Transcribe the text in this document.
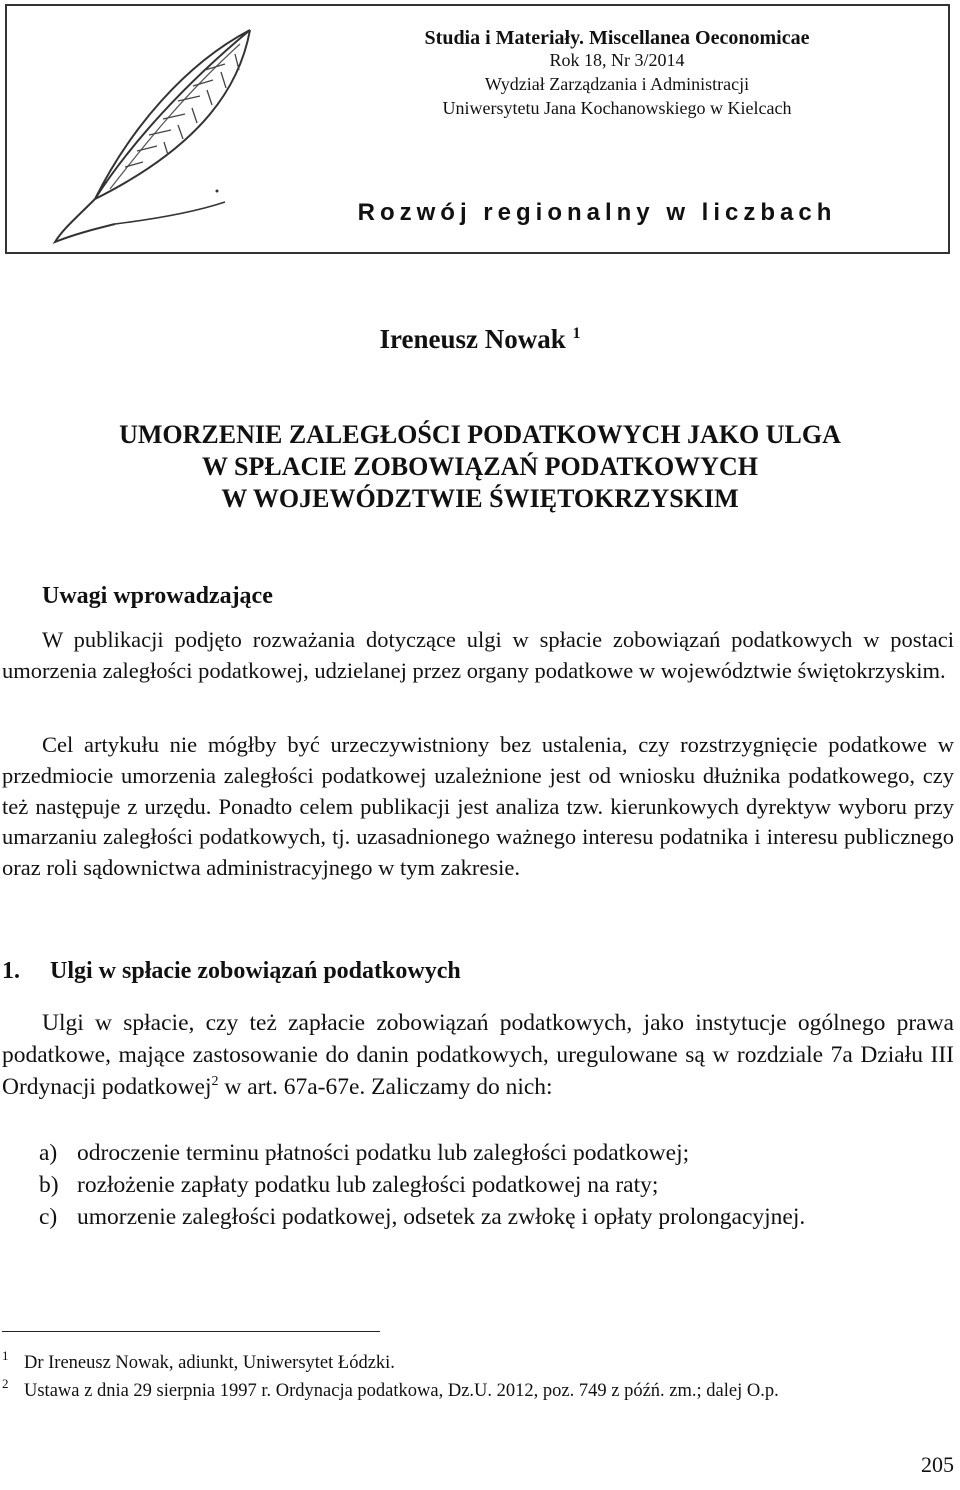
Studia i Materiały. Miscellanea Oeconomicae
Rok 18, Nr 3/2014
Wydział Zarządzania i Administracji
Uniwersytetu Jana Kochanowskiego w Kielcach
Rozwój regionalny w liczbach
Ireneusz Nowak $^1$
UMORZENIE ZALEGŁOŚCI PODATKOWYCH JAKO ULGA
W SPŁACIE ZOBOWIĄZAŃ PODATKOWYCH
W WOJEWÓDZTWIE ŚWIĘTOKRZYSKIM
Uwagi wprowadzające

W publikacji podjęto rozważania dotyczące ulgi w spłacie zobowiązań podatkowych w postaci umorzenia zaległości podatkowej, udzielanej przez organy podatkowe w województwie świętokrzyskim.

Cel artykułu nie mógłby być urzeczywistniony bez ustalenia, czy rozstrzygnięcie podatkowe w przedmiocie umorzenia zaległości podatkowej uzależnione jest od wniosku dłużnika podatkowego, czy też następuje z urzędu. Ponadto celem publikacji jest analiza tzw. kierunkowych dyrektyw wyboru przy umarzaniu zaległości podatkowych, tj. uzasadnionego ważnego interesu podatnika i interesu publicznego oraz roli sądownictwa administracyjnego w tym zakresie.

1. Ulgi w spłacie zobowiązań podatkowych

Ulgi w spłacie, czy też zapłacie zobowiązań podatkowych, jako instytucje ogólnego prawa podatkowe, mające zastosowanie do danin podatkowych, uregulowane są w rozdziale 7a Działu III Ordynacji podatkowej$^2$ w art. 67a-67e. Zaliczamy do nich:

a) odroczenie terminu płatności podatku lub zaległości podatkowej;
b) rozłożenie zapłaty podatku lub zaległości podatkowej na raty;
c) umorzenie zaległości podatkowej, odsetek za zwłokę i opłaty prolongacyjnej.
1 Dr Ireneusz Nowak, adiunkt, Uniwersytet Łódzki.
2 Ustawa z dnia 29 sierpnia 1997 r. Ordynacja podatkowa, Dz.U. 2012, poz. 749 z późń. zm.; dalej O.p.
205
